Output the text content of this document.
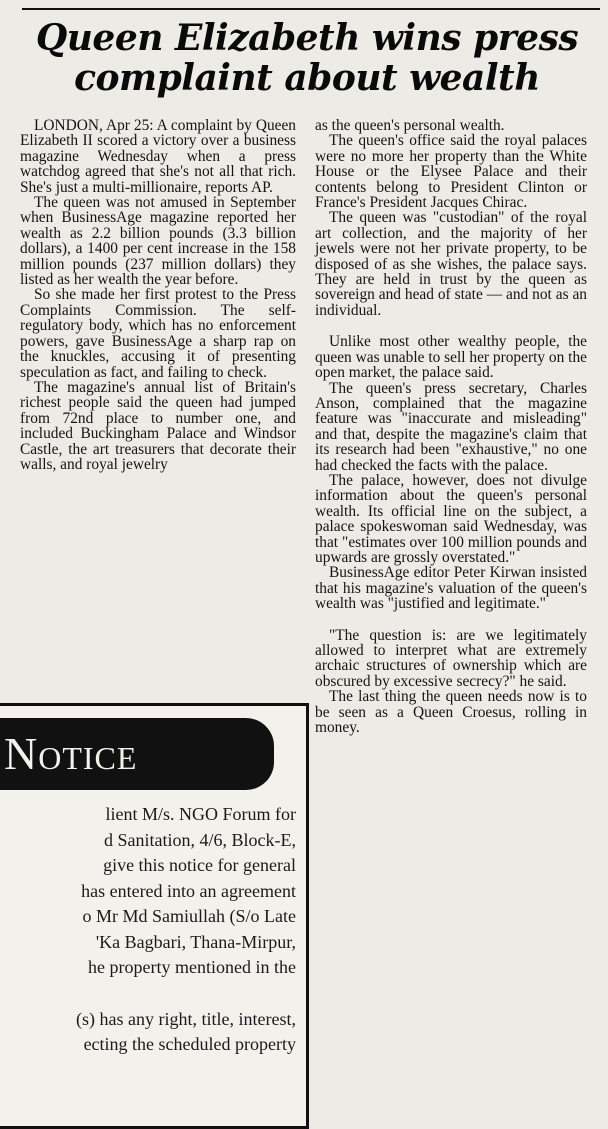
Queen Elizabeth wins press complaint about wealth

LONDON, Apr 25: A complaint by Queen Elizabeth II scored a victory over a business magazine Wednesday when a press watchdog agreed that she's not all that rich. She's just a multi-millionaire, reports AP.

The queen was not amused in September when BusinessAge magazine reported her wealth as 2.2 billion pounds (3.3 billion dollars), a 1400 per cent increase in the 158 million pounds (237 million dollars) they listed as her wealth the year before.

So she made her first protest to the Press Complaints Commission. The self-regulatory body, which has no enforcement powers, gave BusinessAge a sharp rap on the knuckles, accusing it of presenting speculation as fact, and failing to check.

The magazine's annual list of Britain's richest people said the queen had jumped from 72nd place to number one, and included Buckingham Palace and Windsor Castle, the art treasurers that decorate their walls, and royal jewelry

as the queen's personal wealth.

The queen's office said the royal palaces were no more her property than the White House or the Elysee Palace and their contents belong to President Clinton or France's President Jacques Chirac.

The queen was "custodian" of the royal art collection, and the majority of her jewels were not her private property, to be disposed of as she wishes, the palace says. They are held in trust by the queen as sovereign and head of state — and not as an individual.

Unlike most other wealthy people, the queen was unable to sell her property on the open market, the palace said.

The queen's press secretary, Charles Anson, complained that the magazine feature was "inaccurate and misleading" and that, despite the magazine's claim that its research had been "exhaustive," no one had checked the facts with the palace.

The palace, however, does not divulge information about the queen's personal wealth. Its official line on the subject, a palace spokeswoman said Wednesday, was that "estimates over 100 million pounds and upwards are grossly overstated."

BusinessAge editor Peter Kirwan insisted that his magazine's valuation of the queen's wealth was "justified and legitimate."

"The question is: are we legitimately allowed to interpret what are extremely archaic structures of ownership which are obscured by excessive secrecy?" he said.

The last thing the queen needs now is to be seen as a Queen Croesus, rolling in money.

Notice
lient M/s. NGO Forum for
d Sanitation, 4/6, Block-E,
give this notice for general
has entered into an agreement
o Mr Md Samiullah (S/o Late
'Ka Bagbari, Thana-Mirpur,
he property mentioned in the
(s) has any right, title, interest,
ecting the scheduled property
